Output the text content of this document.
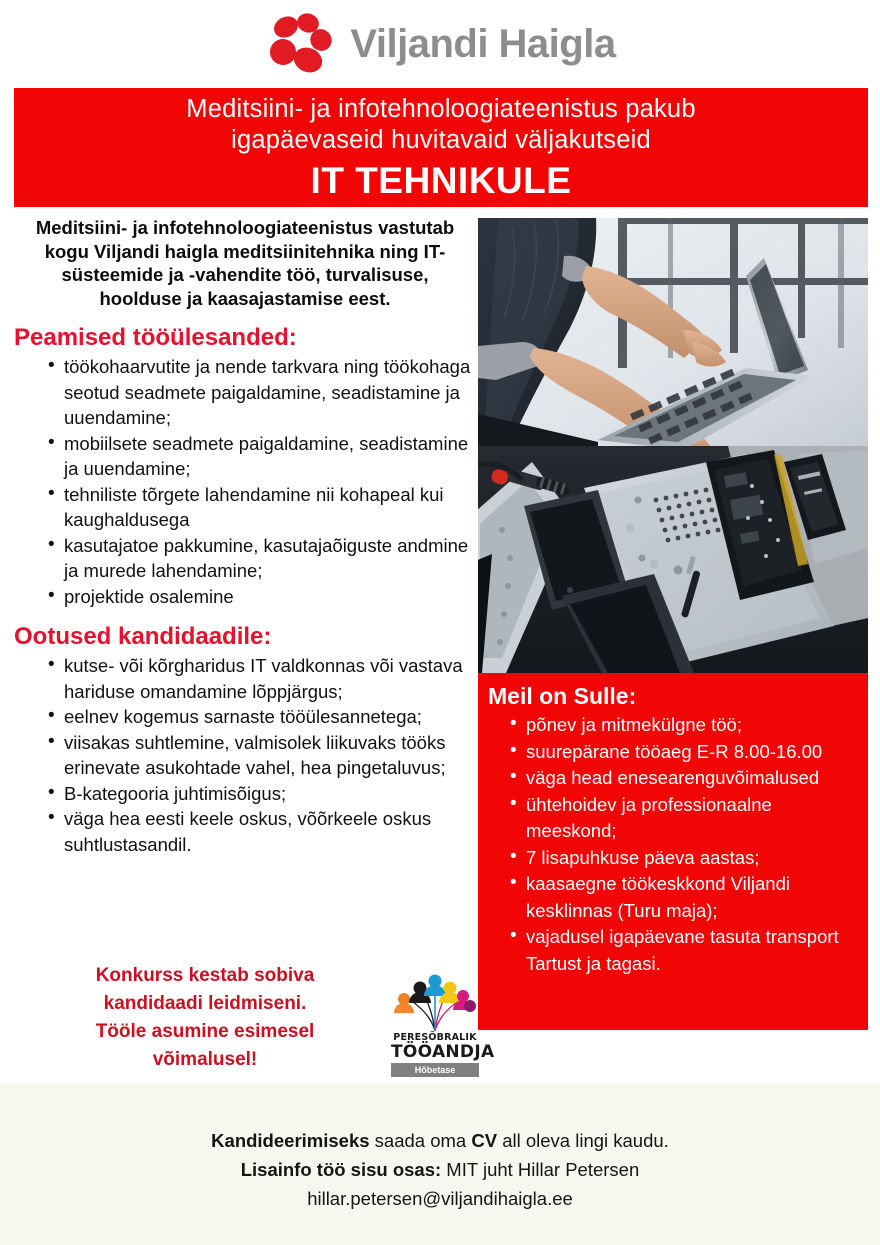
Viljandi Haigla
Meditsiini- ja infotehnoloogiateenistus pakub
igapäevaseid huvitavaid väljakutseid
IT TEHNIKULE
Meditsiini- ja infotehnoloogiateenistus vastutab kogu Viljandi haigla meditsiinitehnika ning IT-süsteemide ja -vahendite töö, turvalisuse, hoolduse ja kaasajastamise eest.
Peamised tööülesanded:
• töökohaarvutite ja nende tarkvara ning töökohaga seotud seadmete paigaldamine, seadistamine ja uuendamine;
• mobiilsete seadmete paigaldamine, seadistamine ja uuendamine;
• tehniliste tõrgete lahendamine nii kohapeal kui kaughaldusega
• kasutajatoe pakkumine, kasutajaõiguste andmine ja murede lahendamine;
• projektide osalemine
Ootused kandidaadile:
• kutse- või kõrgharidus IT valdkonnas või vastava hariduse omandamine lõppjärgus;
• eelnev kogemus sarnaste tööülesannetega;
• viisakas suhtlemine, valmisolek liikuvaks tööks erinevate asukohtade vahel, hea pingetaluvus;
• B-kategooria juhtimisõigus;
• väga hea eesti keele oskus, võõrkeele oskus suhtlustasandil.
Konkurss kestab sobiva
kandidaadi leidmiseni.
Tööle asumine esimesel
võimalusel!
PERESÕBRALIK
TÖÖANDJA
Hõbetase
Meil on Sulle:
• põnev ja mitmekülgne töö;
• suurepärane tööaeg E-R 8.00-16.00
• väga head enesearenguvõimalused
• ühtehoidev ja professionaalne meeskond;
• 7 lisapuhkuse päeva aastas;
• kaasaegne töökeskkond Viljandi kesklinnas (Turu maja);
• vajadusel igapäevane tasuta transport Tartust ja tagasi.
Kandideerimiseks saada oma CV all oleva lingi kaudu.
Lisainfo töö sisu osas: MIT juht Hillar Petersen
hillar.petersen@viljandihaigla.ee
